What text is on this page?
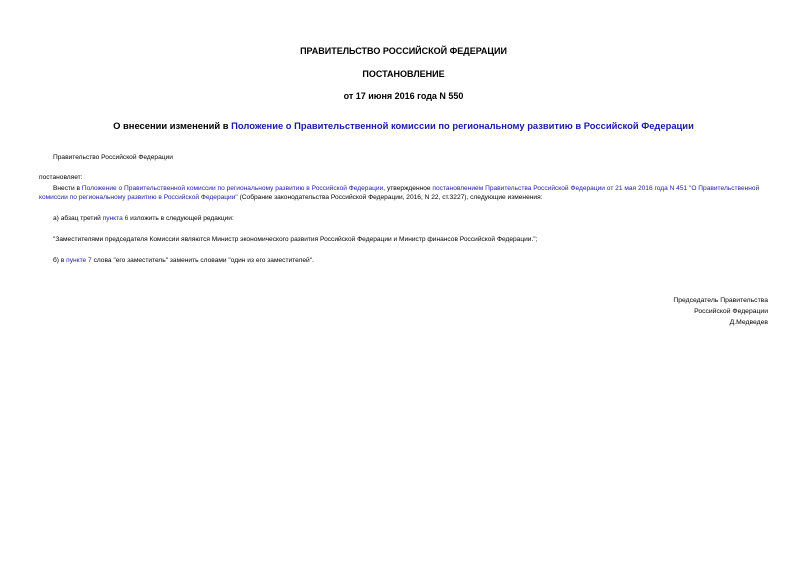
ПРАВИТЕЛЬСТВО РОССИЙСКОЙ ФЕДЕРАЦИИ
ПОСТАНОВЛЕНИЕ
от 17 июня 2016 года N 550
О внесении изменений в Положение о Правительственной комиссии по региональному развитию в Российской Федерации
Правительство Российской Федерации
постановляет:
Внести в Положение о Правительственной комиссии по региональному развитию в Российской Федерации, утвержденное постановлением Правительства Российской Федерации от 21 мая 2016 года N 451 "О Правительственной комиссии по региональному развитию в Российской Федерации" (Собрание законодательства Российской Федерации, 2016, N 22, ст.3227), следующие изменения:
а) абзац третий пункта 6 изложить в следующей редакции:
"Заместителями председателя Комиссии являются Министр экономического развития Российской Федерации и Министр финансов Российской Федерации.";
б) в пункте 7 слова "его заместитель" заменить словами "один из его заместителей".
Председатель Правительства
Российской Федерации
Д.Медведев
